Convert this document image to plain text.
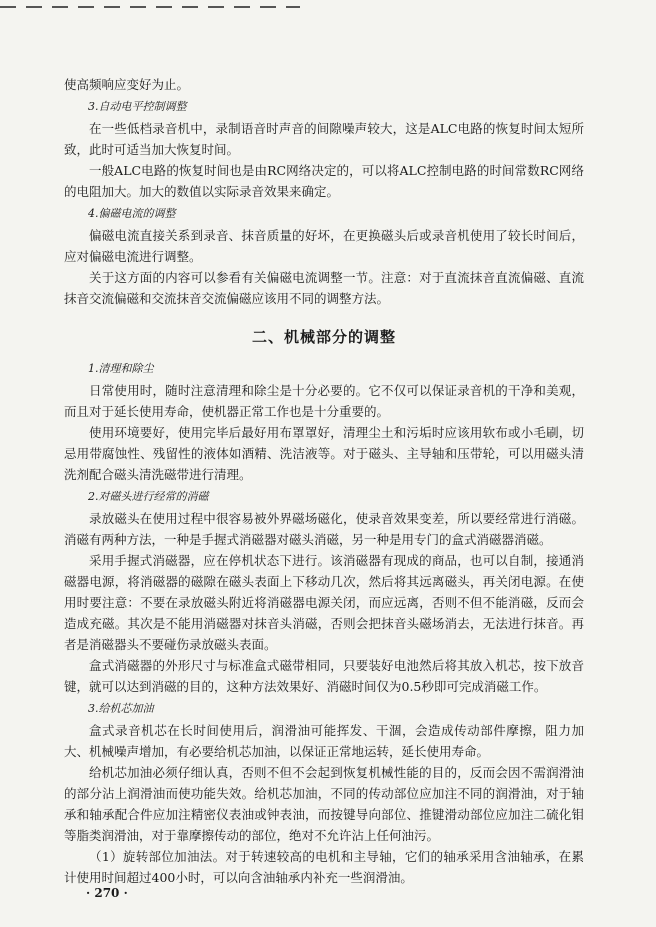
使高频响应变好为止。

3.自动电平控制调整

在一些低档录音机中，录制语音时声音的间隙噪声较大，这是ALC电路的恢复时间太短所致，此时可适当加大恢复时间。

一般ALC电路的恢复时间也是由RC网络决定的，可以将ALC控制电路的时间常数RC网络的电阻加大。加大的数值以实际录音效果来确定。

4.偏磁电流的调整

偏磁电流直接关系到录音、抹音质量的好坏，在更换磁头后或录音机使用了较长时间后，应对偏磁电流进行调整。

关于这方面的内容可以参看有关偏磁电流调整一节。注意：对于直流抹音直流偏磁、直流抹音交流偏磁和交流抹音交流偏磁应该用不同的调整方法。

二、机械部分的调整

1.清理和除尘

日常使用时，随时注意清理和除尘是十分必要的。它不仅可以保证录音机的干净和美观，而且对于延长使用寿命，使机器正常工作也是十分重要的。

使用环境要好，使用完毕后最好用布罩罩好，清理尘土和污垢时应该用软布或小毛刷，切忌用带腐蚀性、残留性的液体如酒精、洗洁液等。对于磁头、主导轴和压带轮，可以用磁头清洗剂配合磁头清洗磁带进行清理。

2.对磁头进行经常的消磁

录放磁头在使用过程中很容易被外界磁场磁化，使录音效果变差，所以要经常进行消磁。消磁有两种方法，一种是手握式消磁器对磁头消磁，另一种是用专门的盒式消磁器消磁。

采用手握式消磁器，应在停机状态下进行。该消磁器有现成的商品，也可以自制，接通消磁器电源，将消磁器的磁隙在磁头表面上下移动几次，然后将其远离磁头，再关闭电源。在使用时要注意：不要在录放磁头附近将消磁器电源关闭，而应远离，否则不但不能消磁，反而会造成充磁。其次是不能用消磁器对抹音头消磁，否则会把抹音头磁场消去，无法进行抹音。再者是消磁器头不要碰伤录放磁头表面。

盒式消磁器的外形尺寸与标准盒式磁带相同，只要装好电池然后将其放入机芯，按下放音键，就可以达到消磁的目的，这种方法效果好、消磁时间仅为0.5秒即可完成消磁工作。

3.给机芯加油

盒式录音机芯在长时间使用后，润滑油可能挥发、干涸，会造成传动部件摩擦，阻力加大、机械噪声增加，有必要给机芯加油，以保证正常地运转，延长使用寿命。

给机芯加油必须仔细认真，否则不但不会起到恢复机械性能的目的，反而会因不需润滑油的部分沾上润滑油而使功能失效。给机芯加油，不同的传动部位应加注不同的润滑油，对于轴承和轴承配合件应加注精密仪表油或钟表油，而按键导向部位、推键滑动部位应加注二硫化钼等脂类润滑油，对于靠摩擦传动的部位，绝对不允许沾上任何油污。

（1）旋转部位加油法。对于转速较高的电机和主导轴，它们的轴承采用含油轴承，在累计使用时间超过400小时，可以向含油轴承内补充一些润滑油。

· 270 ·
